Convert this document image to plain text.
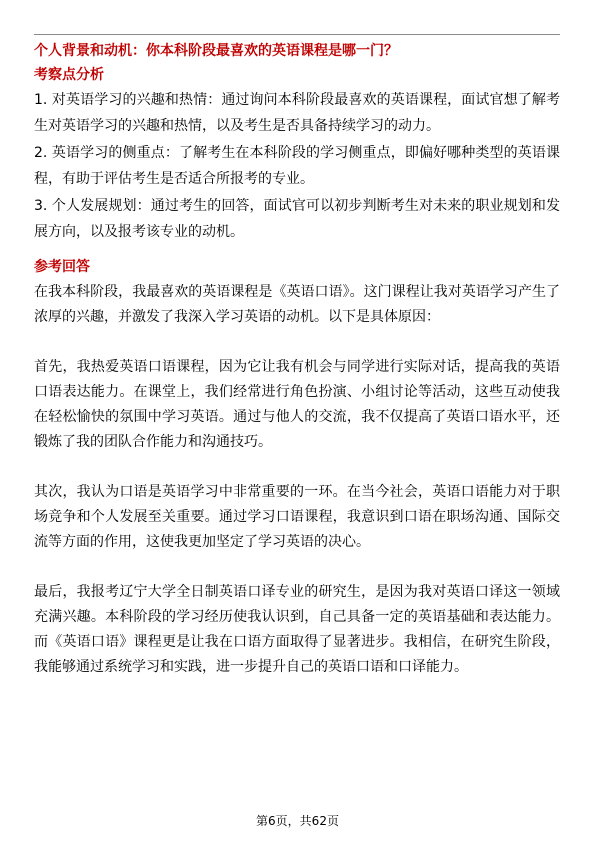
个人背景和动机：你本科阶段最喜欢的英语课程是哪一门？
考察点分析

1. 对英语学习的兴趣和热情：通过询问本科阶段最喜欢的英语课程，面试官想了解考生对英语学习的兴趣和热情，以及考生是否具备持续学习的动力。

2. 英语学习的侧重点：了解考生在本科阶段的学习侧重点，即偏好哪种类型的英语课程，有助于评估考生是否适合所报考的专业。

3. 个人发展规划：通过考生的回答，面试官可以初步判断考生对未来的职业规划和发展方向，以及报考该专业的动机。

参考回答

在我本科阶段，我最喜欢的英语课程是《英语口语》。这门课程让我对英语学习产生了浓厚的兴趣，并激发了我深入学习英语的动机。以下是具体原因：

首先，我热爱英语口语课程，因为它让我有机会与同学进行实际对话，提高我的英语口语表达能力。在课堂上，我们经常进行角色扮演、小组讨论等活动，这些互动使我在轻松愉快的氛围中学习英语。通过与他人的交流，我不仅提高了英语口语水平，还锻炼了我的团队合作能力和沟通技巧。

其次，我认为口语是英语学习中非常重要的一环。在当今社会，英语口语能力对于职场竞争和个人发展至关重要。通过学习口语课程，我意识到口语在职场沟通、国际交流等方面的作用，这使我更加坚定了学习英语的决心。

最后，我报考辽宁大学全日制英语口译专业的研究生，是因为我对英语口译这一领域充满兴趣。本科阶段的学习经历使我认识到，自己具备一定的英语基础和表达能力。而《英语口语》课程更是让我在口语方面取得了显著进步。我相信，在研究生阶段，我能够通过系统学习和实践，进一步提升自己的英语口语和口译能力。

第6页，共62页
